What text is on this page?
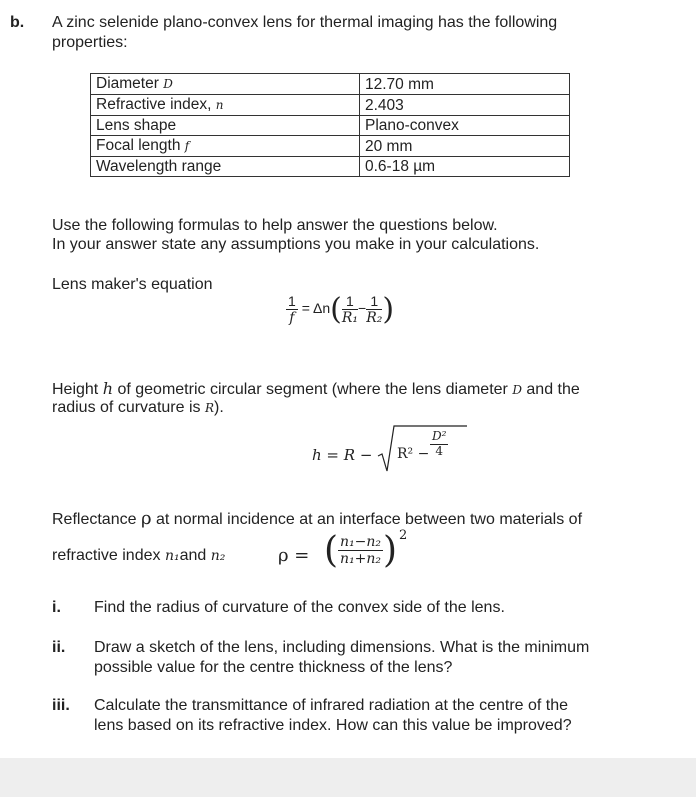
b. A zinc selenide plano-convex lens for thermal imaging has the following
properties:
Diameter D	12.70 mm
Refractive index, n	2.403
Lens shape	Plano-convex
Focal length f	20 mm
Wavelength range	0.6-18 µm
Use the following formulas to help answer the questions below.
In your answer state any assumptions you make in your calculations.
Lens maker's equation
$\frac{1}{f} = \Delta n( \frac{1}{\text{R₁}} - \frac{1}{\text{R₂}}$ )
Height h of geometric circular segment (where the lens diameter D and the
radius of curvature is R).
$h = R - R^2 - \frac{\text{D²}}{4}$
Reflectance ρ at normal incidence at an interface between two materials of
refractive index n₁and n₂	ρ = ( $\frac{\text{n₁−n₂}}{\text{n₁+n₂}}$ ) 2
i. Find the radius of curvature of the convex side of the lens.
ii. Draw a sketch of the lens, including dimensions. What is the minimum
possible value for the centre thickness of the lens?
iii. Calculate the transmittance of infrared radiation at the centre of the
lens based on its refractive index. How can this value be improved?
